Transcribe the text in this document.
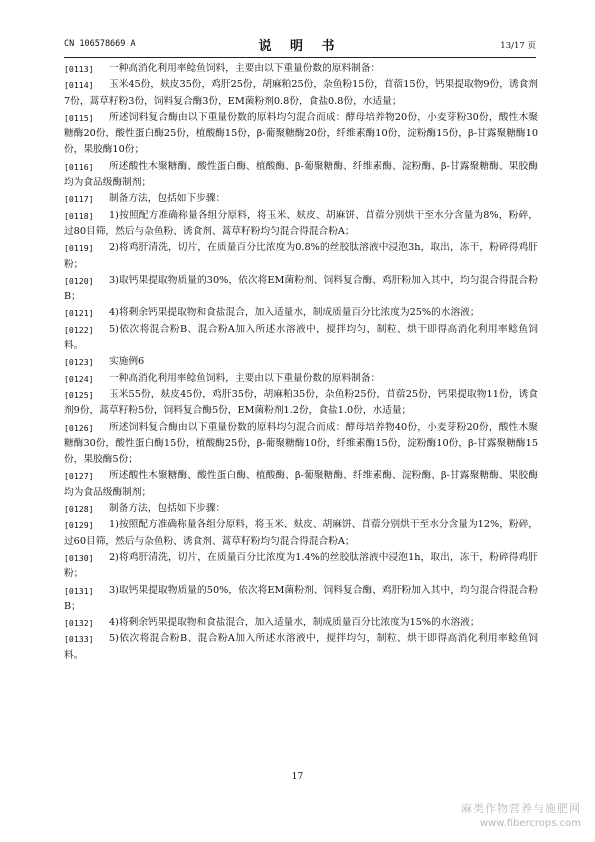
CN 106578669 A	说 明 书	13/17 页
[0113]	一种高消化利用率鲶鱼饲料，主要由以下重量份数的原料制备：
[0114]	玉米45份，麸皮35份，鸡肝25份，胡麻粕25份，杂鱼粉15份，苜蓿15份，钙果提取物9份，诱食剂7份，蒿草籽粉3份，饲料复合酶3份，EM菌粉剂0.8份，食盐0.8份，水适量；
[0115]	所述饲料复合酶由以下重量份数的原料均匀混合而成：酵母培养物20份，小麦芽粉30份，酸性木聚糖酶20份，酸性蛋白酶25份，植酸酶15份，β-葡聚糖酶20份，纤维素酶10份，淀粉酶15份，β-甘露聚糖酶10份，果胶酶10份；
[0116]	所述酸性木聚糖酶、酸性蛋白酶、植酸酶、β-葡聚糖酶、纤维素酶、淀粉酶、β-甘露聚糖酶、果胶酶均为食品级酶制剂；
[0117]	制备方法，包括如下步骤：
[0118]	1)按照配方准确称量各组分原料，将玉米、麸皮、胡麻饼、苜蓿分别烘干至水分含量为8%，粉碎，过80目筛，然后与杂鱼粉、诱食剂、蒿草籽粉均匀混合得混合粉A；
[0119]	2)将鸡肝清洗，切片，在质量百分比浓度为0.8%的丝胶肽溶液中浸泡3h，取出，冻干，粉碎得鸡肝粉；
[0120]	3)取钙果提取物质量的30%，依次将EM菌粉剂、饲料复合酶、鸡肝粉加入其中，均匀混合得混合粉B；
[0121]	4)将剩余钙果提取物和食盐混合，加入适量水，制成质量百分比浓度为25%的水溶液；
[0122]	5)依次将混合粉B、混合粉A加入所述水溶液中，搅拌均匀，制粒、烘干即得高消化利用率鲶鱼饲料。
[0123]	实施例6
[0124]	一种高消化利用率鲶鱼饲料，主要由以下重量份数的原料制备：
[0125]	玉米55份，麸皮45份，鸡肝35份，胡麻粕35份，杂鱼粉25份，苜蓿25份，钙果提取物11份，诱食剂9份，蒿草籽粉5份，饲料复合酶5份，EM菌粉剂1.2份，食盐1.0份，水适量；
[0126]	所述饲料复合酶由以下重量份数的原料均匀混合而成：酵母培养物40份，小麦芽粉20份，酸性木聚糖酶30份，酸性蛋白酶15份，植酸酶25份，β-葡聚糖酶10份，纤维素酶15份，淀粉酶10份，β-甘露聚糖酶15份，果胶酶5份；
[0127]	所述酸性木聚糖酶、酸性蛋白酶、植酸酶、β-葡聚糖酶、纤维素酶、淀粉酶、β-甘露聚糖酶、果胶酶均为食品级酶制剂；
[0128]	制备方法，包括如下步骤：
[0129]	1)按照配方准确称量各组分原料，将玉米、麸皮、胡麻饼、苜蓿分别烘干至水分含量为12%，粉碎，过60目筛，然后与杂鱼粉、诱食剂、蒿草籽粉均匀混合得混合粉A；
[0130]	2)将鸡肝清洗，切片，在质量百分比浓度为1.4%的丝胶肽溶液中浸泡1h，取出，冻干，粉碎得鸡肝粉；
[0131]	3)取钙果提取物质量的50%，依次将EM菌粉剂、饲料复合酶、鸡肝粉加入其中，均匀混合得混合粉B；
[0132]	4)将剩余钙果提取物和食盐混合，加入适量水，制成质量百分比浓度为15%的水溶液；
[0133]	5)依次将混合粉B、混合粉A加入所述水溶液中，搅拌均匀，制粒、烘干即得高消化利用率鲶鱼饲料。
17
麻类作物营养与施肥网
www.fibercrops.com
